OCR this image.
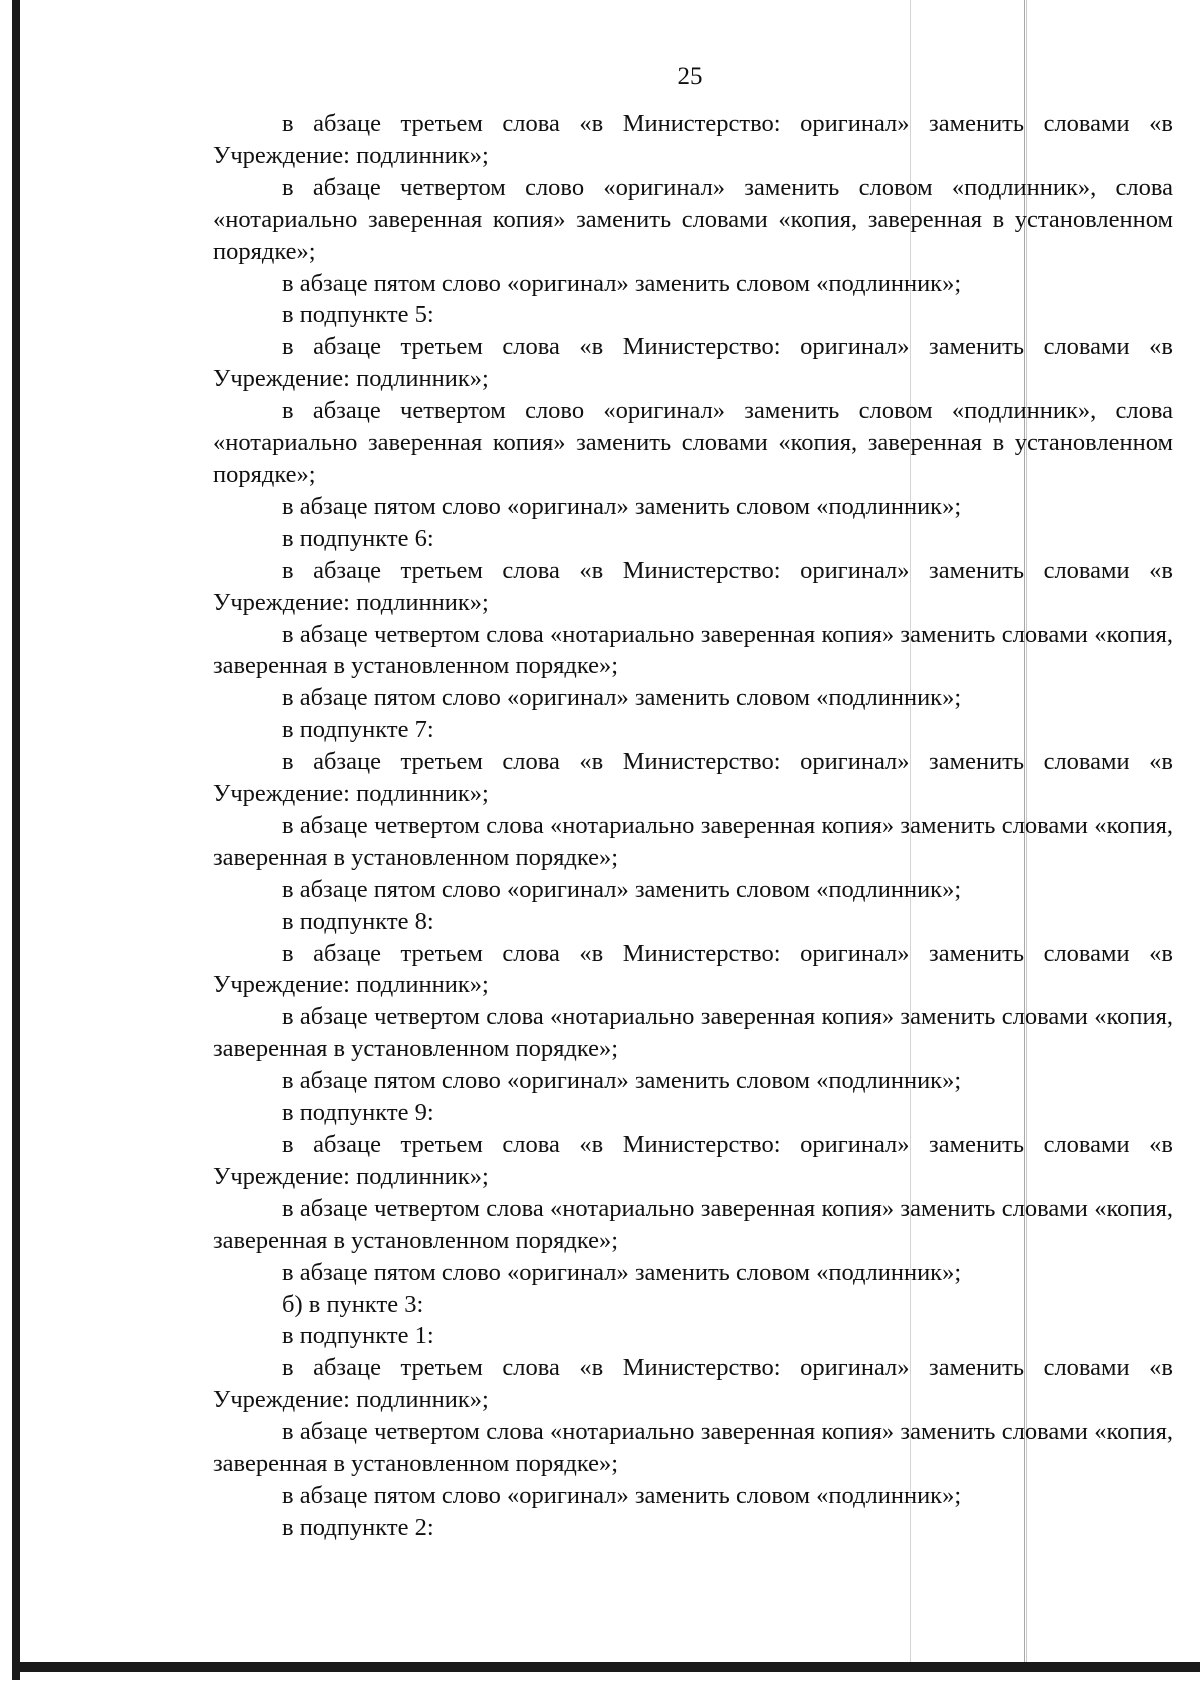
25

в абзаце третьем слова «в Министерство: оригинал» заменить словами «в Учреждение: подлинник»;

в абзаце четвертом слово «оригинал» заменить словом «подлинник», слова «нотариально заверенная копия» заменить словами «копия, заверенная в установленном порядке»;

в абзаце пятом слово «оригинал» заменить словом «подлинник»;

в подпункте 5:

в абзаце третьем слова «в Министерство: оригинал» заменить словами «в Учреждение: подлинник»;

в абзаце четвертом слово «оригинал» заменить словом «подлинник», слова «нотариально заверенная копия» заменить словами «копия, заверенная в установленном порядке»;

в абзаце пятом слово «оригинал» заменить словом «подлинник»;

в подпункте 6:

в абзаце третьем слова «в Министерство: оригинал» заменить словами «в Учреждение: подлинник»;

в абзаце четвертом слова «нотариально заверенная копия» заменить словами «копия, заверенная в установленном порядке»;

в абзаце пятом слово «оригинал» заменить словом «подлинник»;

в подпункте 7:

в абзаце третьем слова «в Министерство: оригинал» заменить словами «в Учреждение: подлинник»;

в абзаце четвертом слова «нотариально заверенная копия» заменить словами «копия, заверенная в установленном порядке»;

в абзаце пятом слово «оригинал» заменить словом «подлинник»;

в подпункте 8:

в абзаце третьем слова «в Министерство: оригинал» заменить словами «в Учреждение: подлинник»;

в абзаце четвертом слова «нотариально заверенная копия» заменить словами «копия, заверенная в установленном порядке»;

в абзаце пятом слово «оригинал» заменить словом «подлинник»;

в подпункте 9:

в абзаце третьем слова «в Министерство: оригинал» заменить словами «в Учреждение: подлинник»;

в абзаце четвертом слова «нотариально заверенная копия» заменить словами «копия, заверенная в установленном порядке»;

в абзаце пятом слово «оригинал» заменить словом «подлинник»;

б) в пункте 3:

в подпункте 1:

в абзаце третьем слова «в Министерство: оригинал» заменить словами «в Учреждение: подлинник»;

в абзаце четвертом слова «нотариально заверенная копия» заменить словами «копия, заверенная в установленном порядке»;

в абзаце пятом слово «оригинал» заменить словом «подлинник»;

в подпункте 2:
